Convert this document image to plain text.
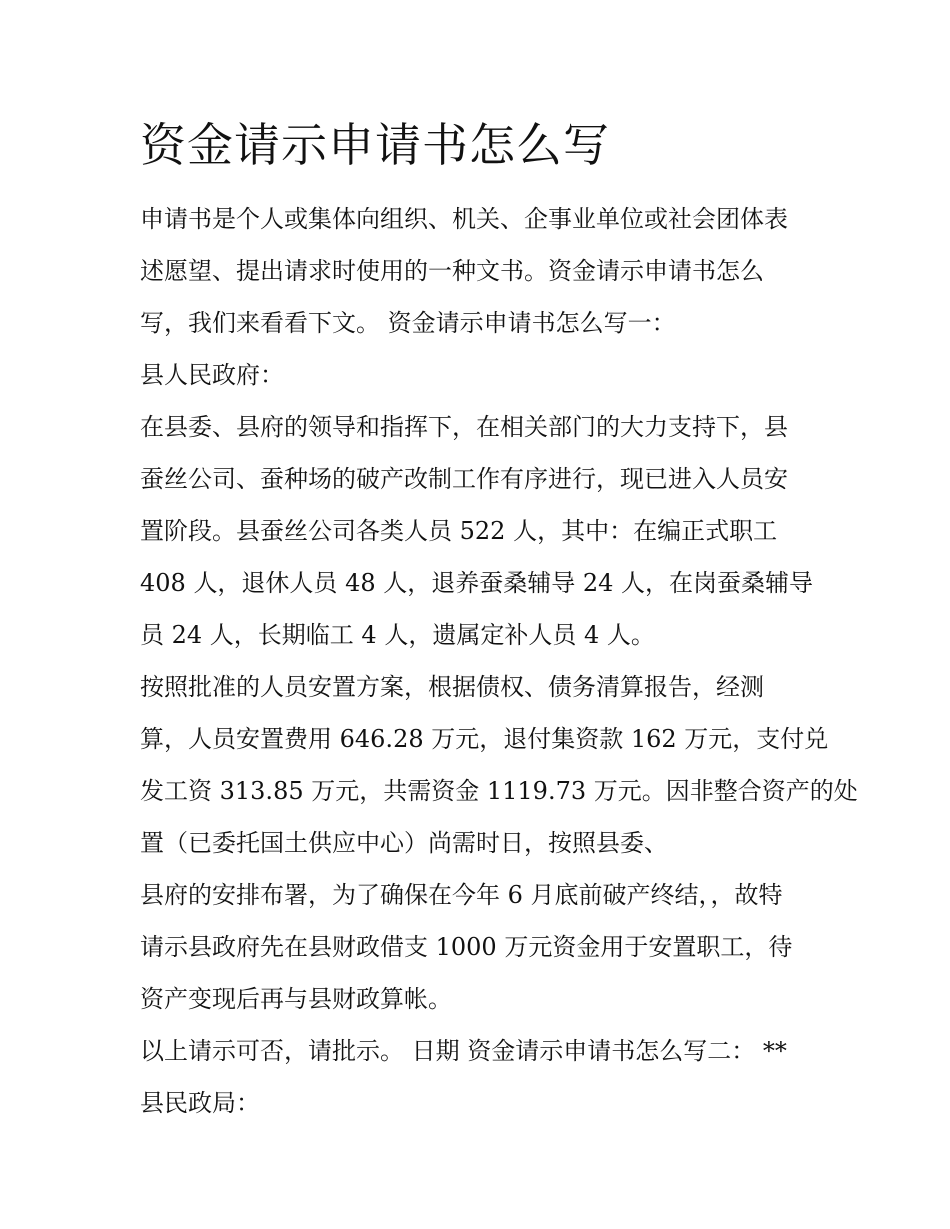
资金请示申请书怎么写
申请书是个人或集体向组织、机关、企事业单位或社会团体表
述愿望、提出请求时使用的一种文书。资金请示申请书怎么
写，我们来看看下文。 资金请示申请书怎么写一：
县人民政府：
在县委、县府的领导和指挥下，在相关部门的大力支持下，县
蚕丝公司、蚕种场的破产改制工作有序进行，现已进入人员安
置阶段。县蚕丝公司各类人员 522 人，其中：在编正式职工
408 人，退休人员 48 人，退养蚕桑辅导 24 人，在岗蚕桑辅导
员 24 人，长期临工 4 人，遗属定补人员 4 人。
按照批准的人员安置方案，根据债权、债务清算报告，经测
算，人员安置费用 646.28 万元，退付集资款 162 万元，支付兑
发工资 313.85 万元，共需资金 1119.73 万元。因非整合资产的处
置（已委托国土供应中心）尚需时日，按照县委、
县府的安排布署，为了确保在今年 6 月底前破产终结，，故特
请示县政府先在县财政借支 1000 万元资金用于安置职工，待
资产变现后再与县财政算帐。
以上请示可否，请批示。 日期 资金请示申请书怎么写二： **
县民政局：
